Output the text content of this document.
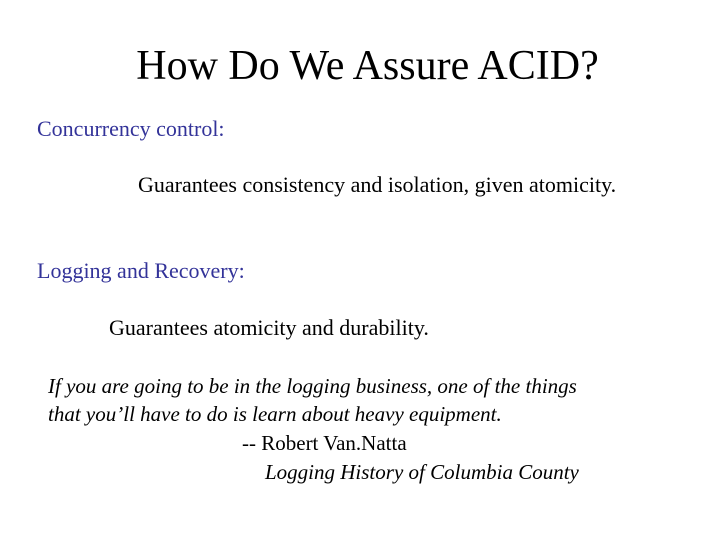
How Do We Assure ACID?
Concurrency control:
Guarantees consistency and isolation, given atomicity.
Logging and Recovery:
Guarantees atomicity and durability.
If you are going to be in the logging business, one of the things
that you’ll have to do is learn about heavy equipment.
-- Robert Van.Natta
Logging History of Columbia County
